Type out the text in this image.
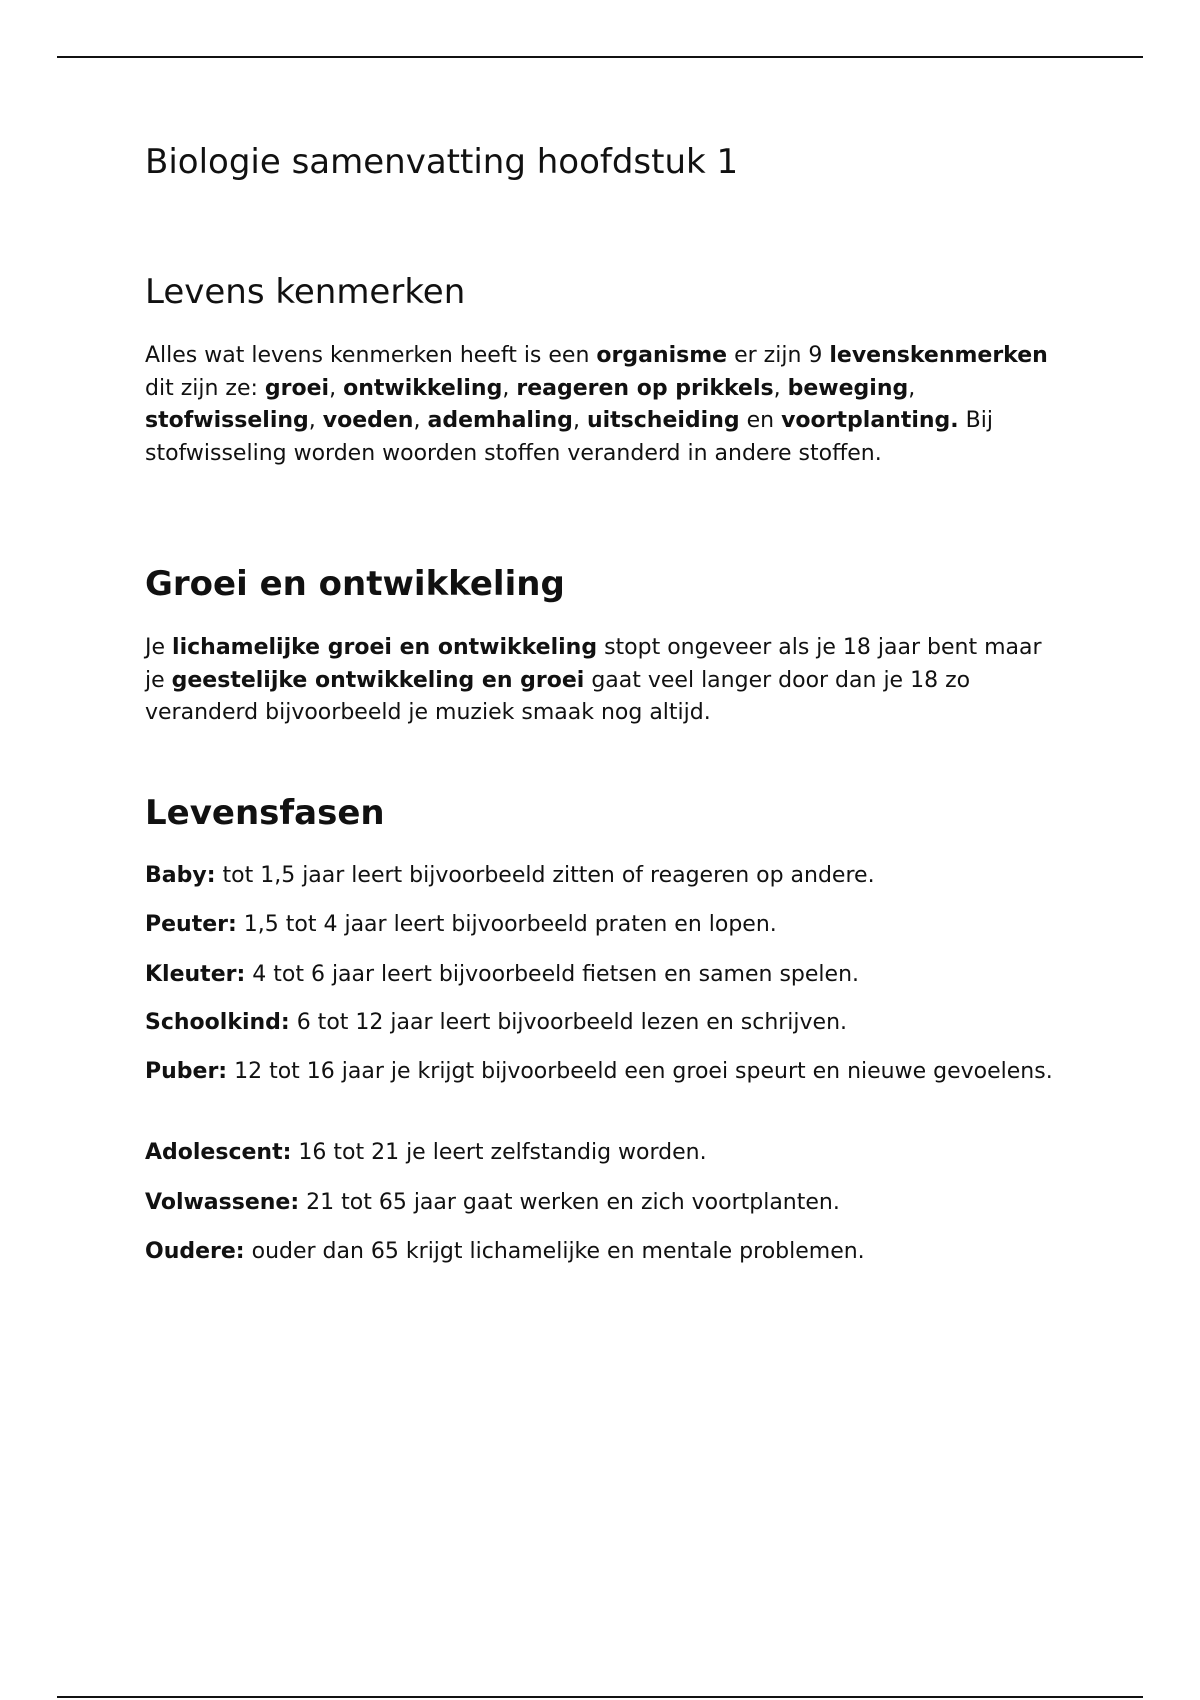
Biologie samenvatting hoofdstuk 1
Levens kenmerken

Alles wat levens kenmerken heeft is een organisme er zijn 9 levenskenmerken dit zijn ze: groei, ontwikkeling, reageren op prikkels, beweging, stofwisseling, voeden, ademhaling, uitscheiding en voortplanting. Bij stofwisseling worden woorden stoffen veranderd in andere stoffen.

Groei en ontwikkeling

Je lichamelijke groei en ontwikkeling stopt ongeveer als je 18 jaar bent maar je geestelijke ontwikkeling en groei gaat veel langer door dan je 18 zo veranderd bijvoorbeeld je muziek smaak nog altijd.

Levensfasen

Baby: tot 1,5 jaar leert bijvoorbeeld zitten of reageren op andere.

Peuter: 1,5 tot 4 jaar leert bijvoorbeeld praten en lopen.

Kleuter: 4 tot 6 jaar leert bijvoorbeeld fietsen en samen spelen.

Schoolkind: 6 tot 12 jaar leert bijvoorbeeld lezen en schrijven.

Puber: 12 tot 16 jaar je krijgt bijvoorbeeld een groei speurt en nieuwe gevoelens.

Adolescent: 16 tot 21 je leert zelfstandig worden.

Volwassene: 21 tot 65 jaar gaat werken en zich voortplanten.

Oudere: ouder dan 65 krijgt lichamelijke en mentale problemen.
